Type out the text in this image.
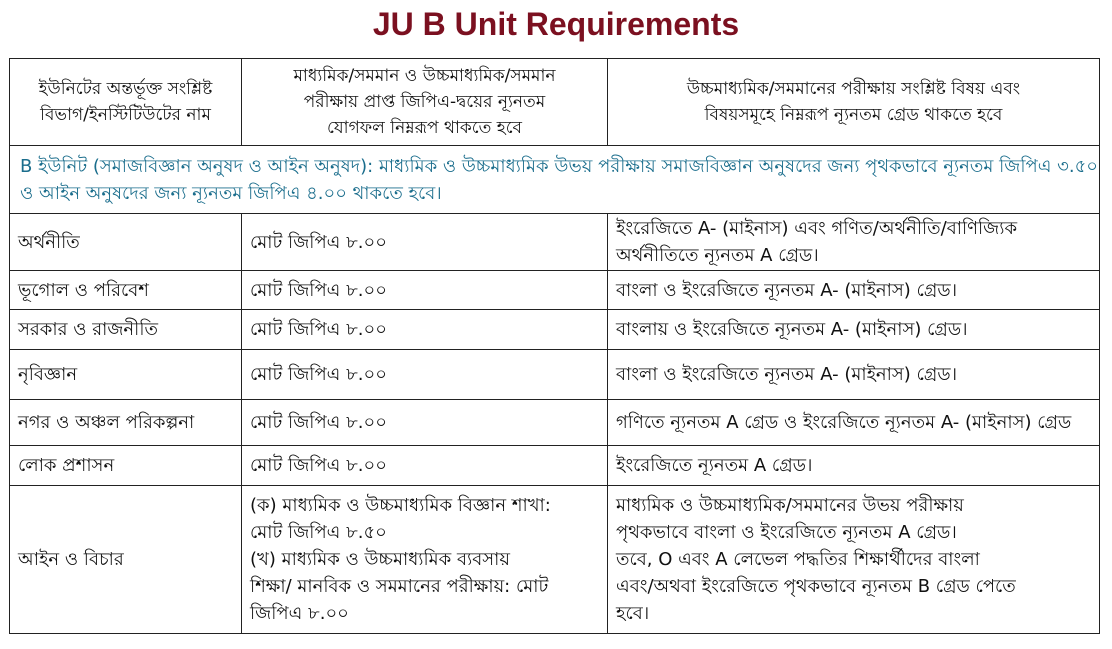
JU B Unit Requirements
ইউনিটের অন্তর্ভূক্ত সংশ্লিষ্ট
বিভাগ/ইনস্টিটিউটের নাম	মাধ্যমিক/সমমান ও উচ্চমাধ্যমিক/সমমান
পরীক্ষায় প্রাপ্ত জিপিএ-দ্বয়ের ন্যূনতম
যোগফল নিম্নরূপ থাকতে হবে	উচ্চমাধ্যমিক/সমমানের পরীক্ষায় সংশ্লিষ্ট বিষয় এবং
বিষয়সমূহে নিম্নরূপ ন্যূনতম গ্রেড থাকতে হবে
B ইউনিট (সমাজবিজ্ঞান অনুষদ ও আইন অনুষদ): মাধ্যমিক ও উচ্চমাধ্যমিক উভয় পরীক্ষায় সমাজবিজ্ঞান অনুষদের জন্য পৃথকভাবে ন্যূনতম জিপিএ ৩.৫০ ও আইন অনুষদের জন্য ন্যূনতম জিপিএ ৪.০০ থাকতে হবে।		
অর্থনীতি	মোট জিপিএ ৮.০০	ইংরেজিতে A- (মাইনাস) এবং গণিত/অর্থনীতি/বাণিজ্যিক
অর্থনীতিতে ন্যূনতম A গ্রেড।
ভূগোল ও পরিবেশ	মোট জিপিএ ৮.০০	বাংলা ও ইংরেজিতে ন্যূনতম A- (মাইনাস) গ্রেড।
সরকার ও রাজনীতি	মোট জিপিএ ৮.০০	বাংলায় ও ইংরেজিতে ন্যূনতম A- (মাইনাস) গ্রেড।
নৃবিজ্ঞান	মোট জিপিএ ৮.০০	বাংলা ও ইংরেজিতে ন্যূনতম A- (মাইনাস) গ্রেড।
নগর ও অঞ্চল পরিকল্পনা	মোট জিপিএ ৮.০০	গণিতে ন্যূনতম A গ্রেড ও ইংরেজিতে ন্যূনতম A- (মাইনাস) গ্রেড
লোক প্রশাসন	মোট জিপিএ ৮.০০	ইংরেজিতে ন্যূনতম A গ্রেড।
আইন ও বিচার	(ক) মাধ্যমিক ও উচ্চমাধ্যমিক বিজ্ঞান শাখা:
মোট জিপিএ ৮.৫০
(খ) মাধ্যমিক ও উচ্চমাধ্যমিক ব্যবসায়
শিক্ষা/ মানবিক ও সমমানের পরীক্ষায়: মোট
জিপিএ ৮.০০	মাধ্যমিক ও উচ্চমাধ্যমিক/সমমানের উভয় পরীক্ষায়
পৃথকভাবে বাংলা ও ইংরেজিতে ন্যূনতম A গ্রেড।
তবে, O এবং A লেভেল পদ্ধতির শিক্ষার্থীদের বাংলা
এবং/অথবা ইংরেজিতে পৃথকভাবে ন্যূনতম B গ্রেড পেতে
হবে।
